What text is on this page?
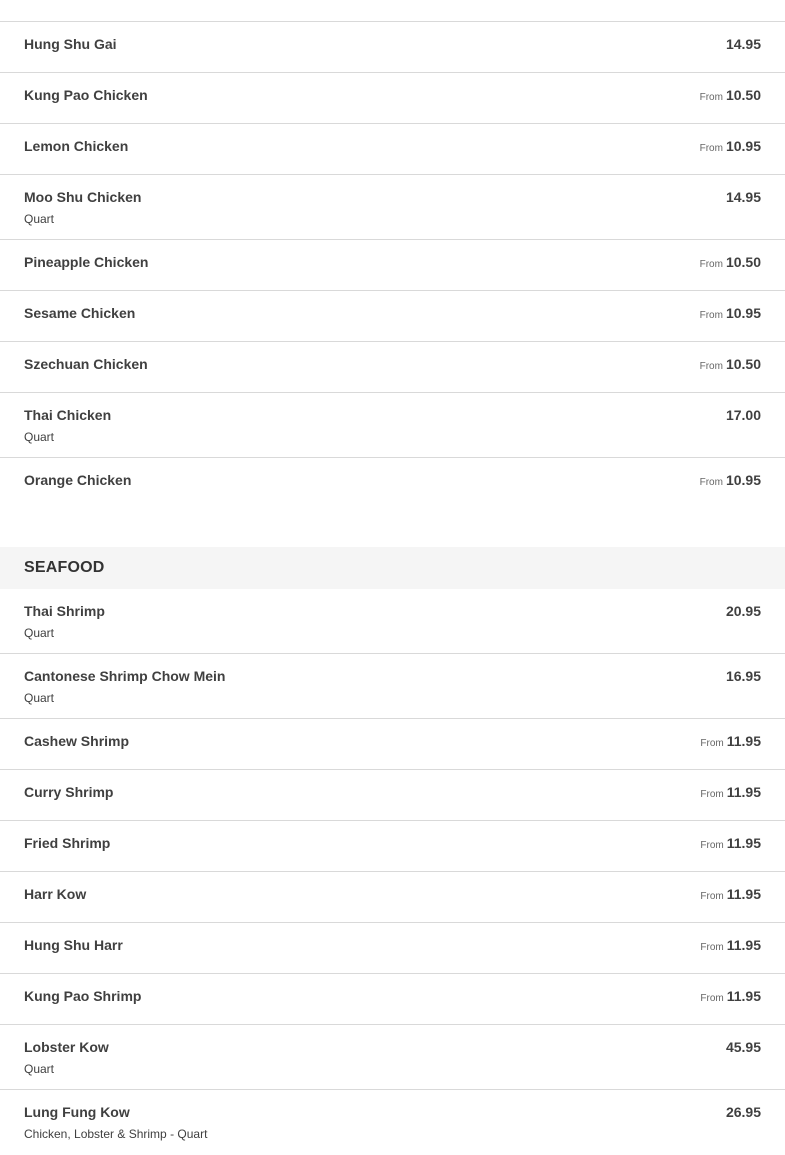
Hung Shu Gai	14.95
Kung Pao Chicken	From 10.50
Lemon Chicken	From 10.95
Moo Shu Chicken	14.95
Quart
Pineapple Chicken	From 10.50
Sesame Chicken	From 10.95
Szechuan Chicken	From 10.50
Thai Chicken	17.00
Quart
Orange Chicken	From 10.95
SEAFOOD
Thai Shrimp	20.95
Quart
Cantonese Shrimp Chow Mein	16.95
Quart
Cashew Shrimp	From 11.95
Curry Shrimp	From 11.95
Fried Shrimp	From 11.95
Harr Kow	From 11.95
Hung Shu Harr	From 11.95
Kung Pao Shrimp	From 11.95
Lobster Kow	45.95
Quart
Lung Fung Kow	26.95
Chicken, Lobster & Shrimp - Quart
